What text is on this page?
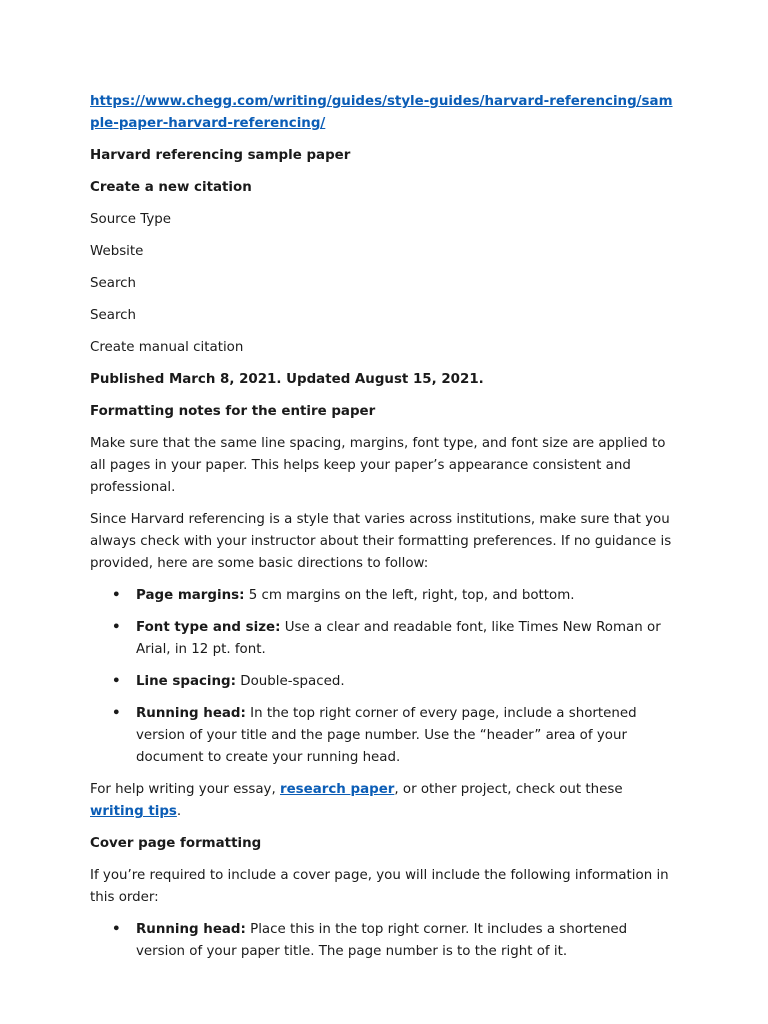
https://www.chegg.com/writing/guides/style-guides/harvard-referencing/sample-paper-harvard-referencing/

Harvard referencing sample paper

Create a new citation

Source Type

Website

Search

Search

Create manual citation

Published March 8, 2021. Updated August 15, 2021.

Formatting notes for the entire paper

Make sure that the same line spacing, margins, font type, and font size are applied to all pages in your paper. This helps keep your paper’s appearance consistent and professional.

Since Harvard referencing is a style that varies across institutions, make sure that you always check with your instructor about their formatting preferences. If no guidance is provided, here are some basic directions to follow:

• Page margins: 5 cm margins on the left, right, top, and bottom.
• Font type and size: Use a clear and readable font, like Times New Roman or Arial, in 12 pt. font.
• Line spacing: Double-spaced.
• Running head: In the top right corner of every page, include a shortened version of your title and the page number. Use the “header” area of your document to create your running head.

For help writing your essay, research paper, or other project, check out these writing tips.

Cover page formatting

If you’re required to include a cover page, you will include the following information in this order:

• Running head: Place this in the top right corner. It includes a shortened version of your paper title. The page number is to the right of it.
